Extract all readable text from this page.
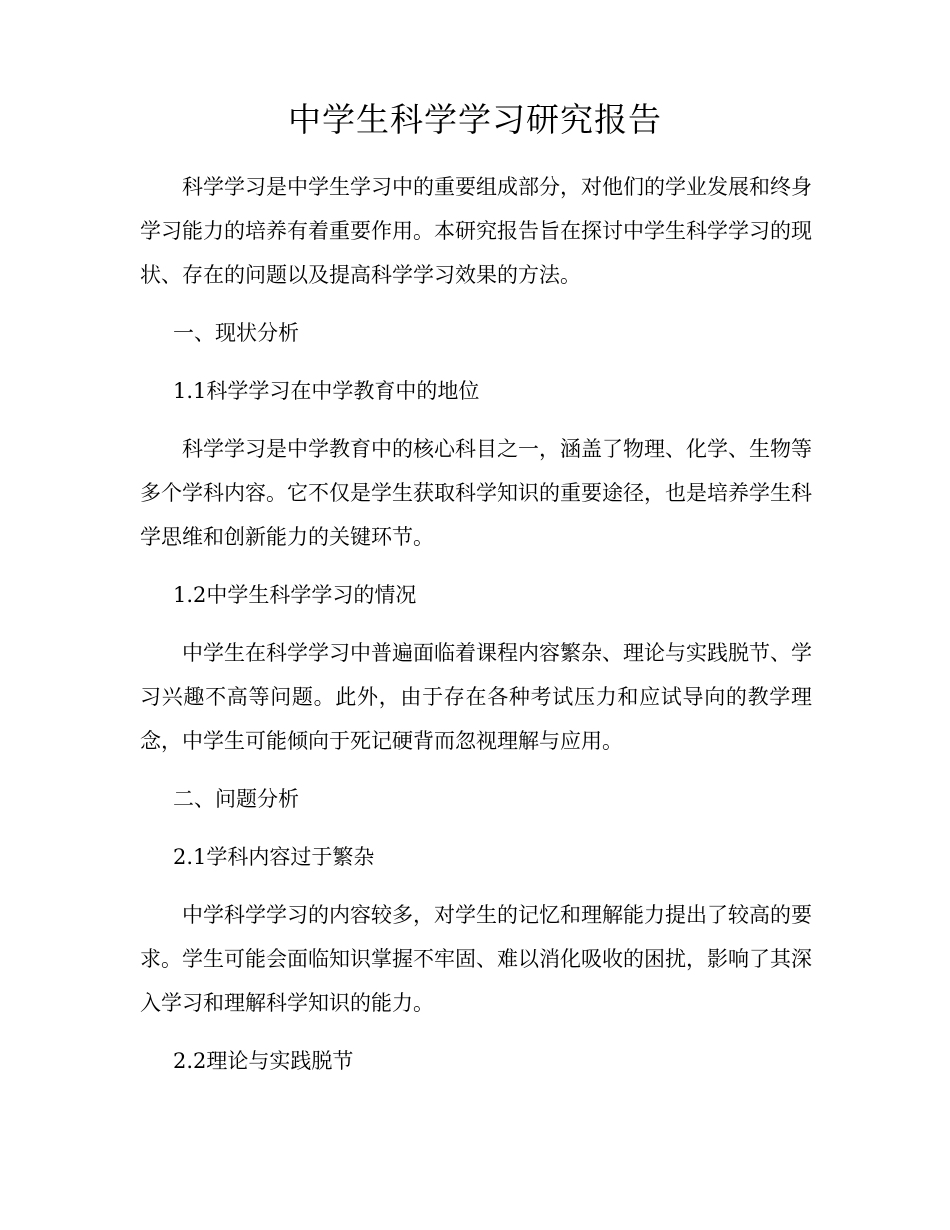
中学生科学学习研究报告

科学学习是中学生学习中的重要组成部分，对他们的学业发展和终身学习能力的培养有着重要作用。本研究报告旨在探讨中学生科学学习的现状、存在的问题以及提高科学学习效果的方法。

一、现状分析

1.1科学学习在中学教育中的地位

科学学习是中学教育中的核心科目之一，涵盖了物理、化学、生物等多个学科内容。它不仅是学生获取科学知识的重要途径，也是培养学生科学思维和创新能力的关键环节。

1.2中学生科学学习的情况

中学生在科学学习中普遍面临着课程内容繁杂、理论与实践脱节、学习兴趣不高等问题。此外，由于存在各种考试压力和应试导向的教学理念，中学生可能倾向于死记硬背而忽视理解与应用。

二、问题分析

2.1学科内容过于繁杂

中学科学学习的内容较多，对学生的记忆和理解能力提出了较高的要求。学生可能会面临知识掌握不牢固、难以消化吸收的困扰，影响了其深入学习和理解科学知识的能力。

2.2理论与实践脱节
